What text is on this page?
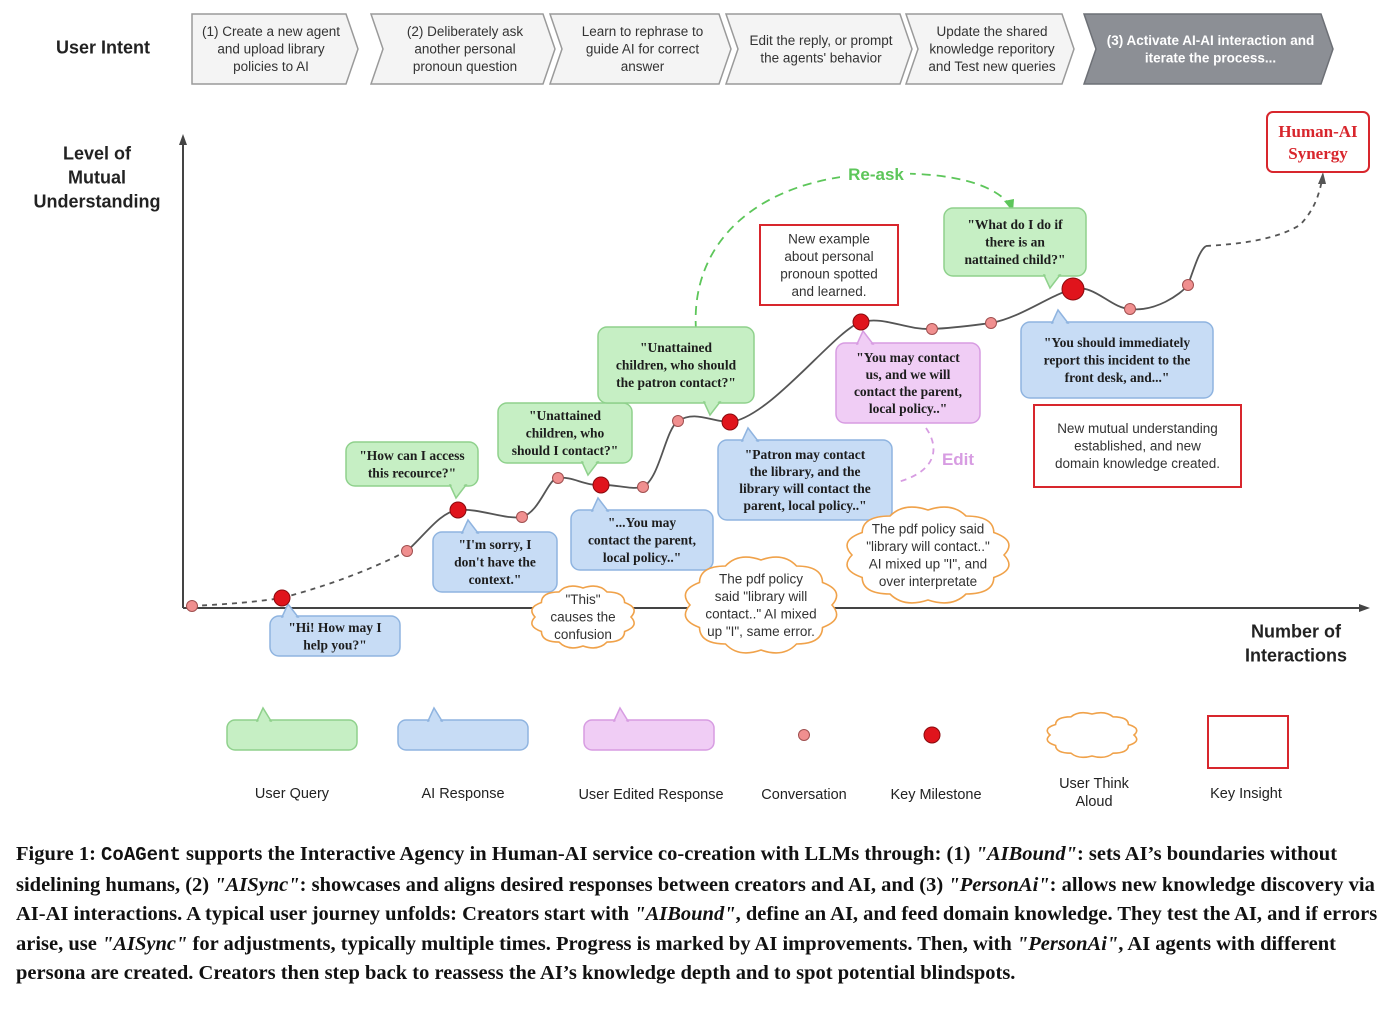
User Intent
(1) Create a new agent and upload library policies to AI
(2) Deliberately ask another personal pronoun question
Learn to rephrase to guide AI for correct answer
Edit the reply, or prompt the agents' behavior
Update the shared knowledge reporitory and Test new queries
(3) Activate AI-AI interaction and iterate the process...
Level of Mutual Understanding
Number of Interactions
Re-ask
Edit
"How can I access this recource?"
"Unattained children, who should I contact?"
"Unattained children, who should the patron contact?"
"What do I do if there is an nattained child?"
"Hi! How may I help you?"
"I'm sorry, I don't have the context."
"...You may contact the parent, local policy.."
"Patron may contact the library, and the library will contact the parent, local policy.."
"You should immediately report this incident to the front desk, and..."
"You may contact us, and we will contact the parent, local policy.."
"This" causes the confusion
The pdf policy said "library will contact.." AI mixed up "I", same error.
The pdf policy said "library will contact.." AI mixed up "I", and over interpretate
New example about personal pronoun spotted and learned.
New mutual understanding established, and new domain knowledge created.
Human-AI Synergy
User Query	AI Response	User Edited Response	Conversation	Key Milestone
User Think Aloud	Key Insight
Figure 1: CoAGent supports the Interactive Agency in Human-AI service co-creation with LLMs through: (1) "AIBound": sets AI’s boundaries without sidelining humans, (2) "AISync": showcases and aligns desired responses between creators and AI, and (3) "PersonAi": allows new knowledge discovery via AI-AI interactions. A typical user journey unfolds: Creators start with "AIBound", define an AI, and feed domain knowledge. They test the AI, and if errors arise, use "AISync" for adjustments, typically multiple times. Progress is marked by AI improvements. Then, with "PersonAi", AI agents with different persona are created. Creators then step back to reassess the AI’s knowledge depth and to spot potential blindspots.
